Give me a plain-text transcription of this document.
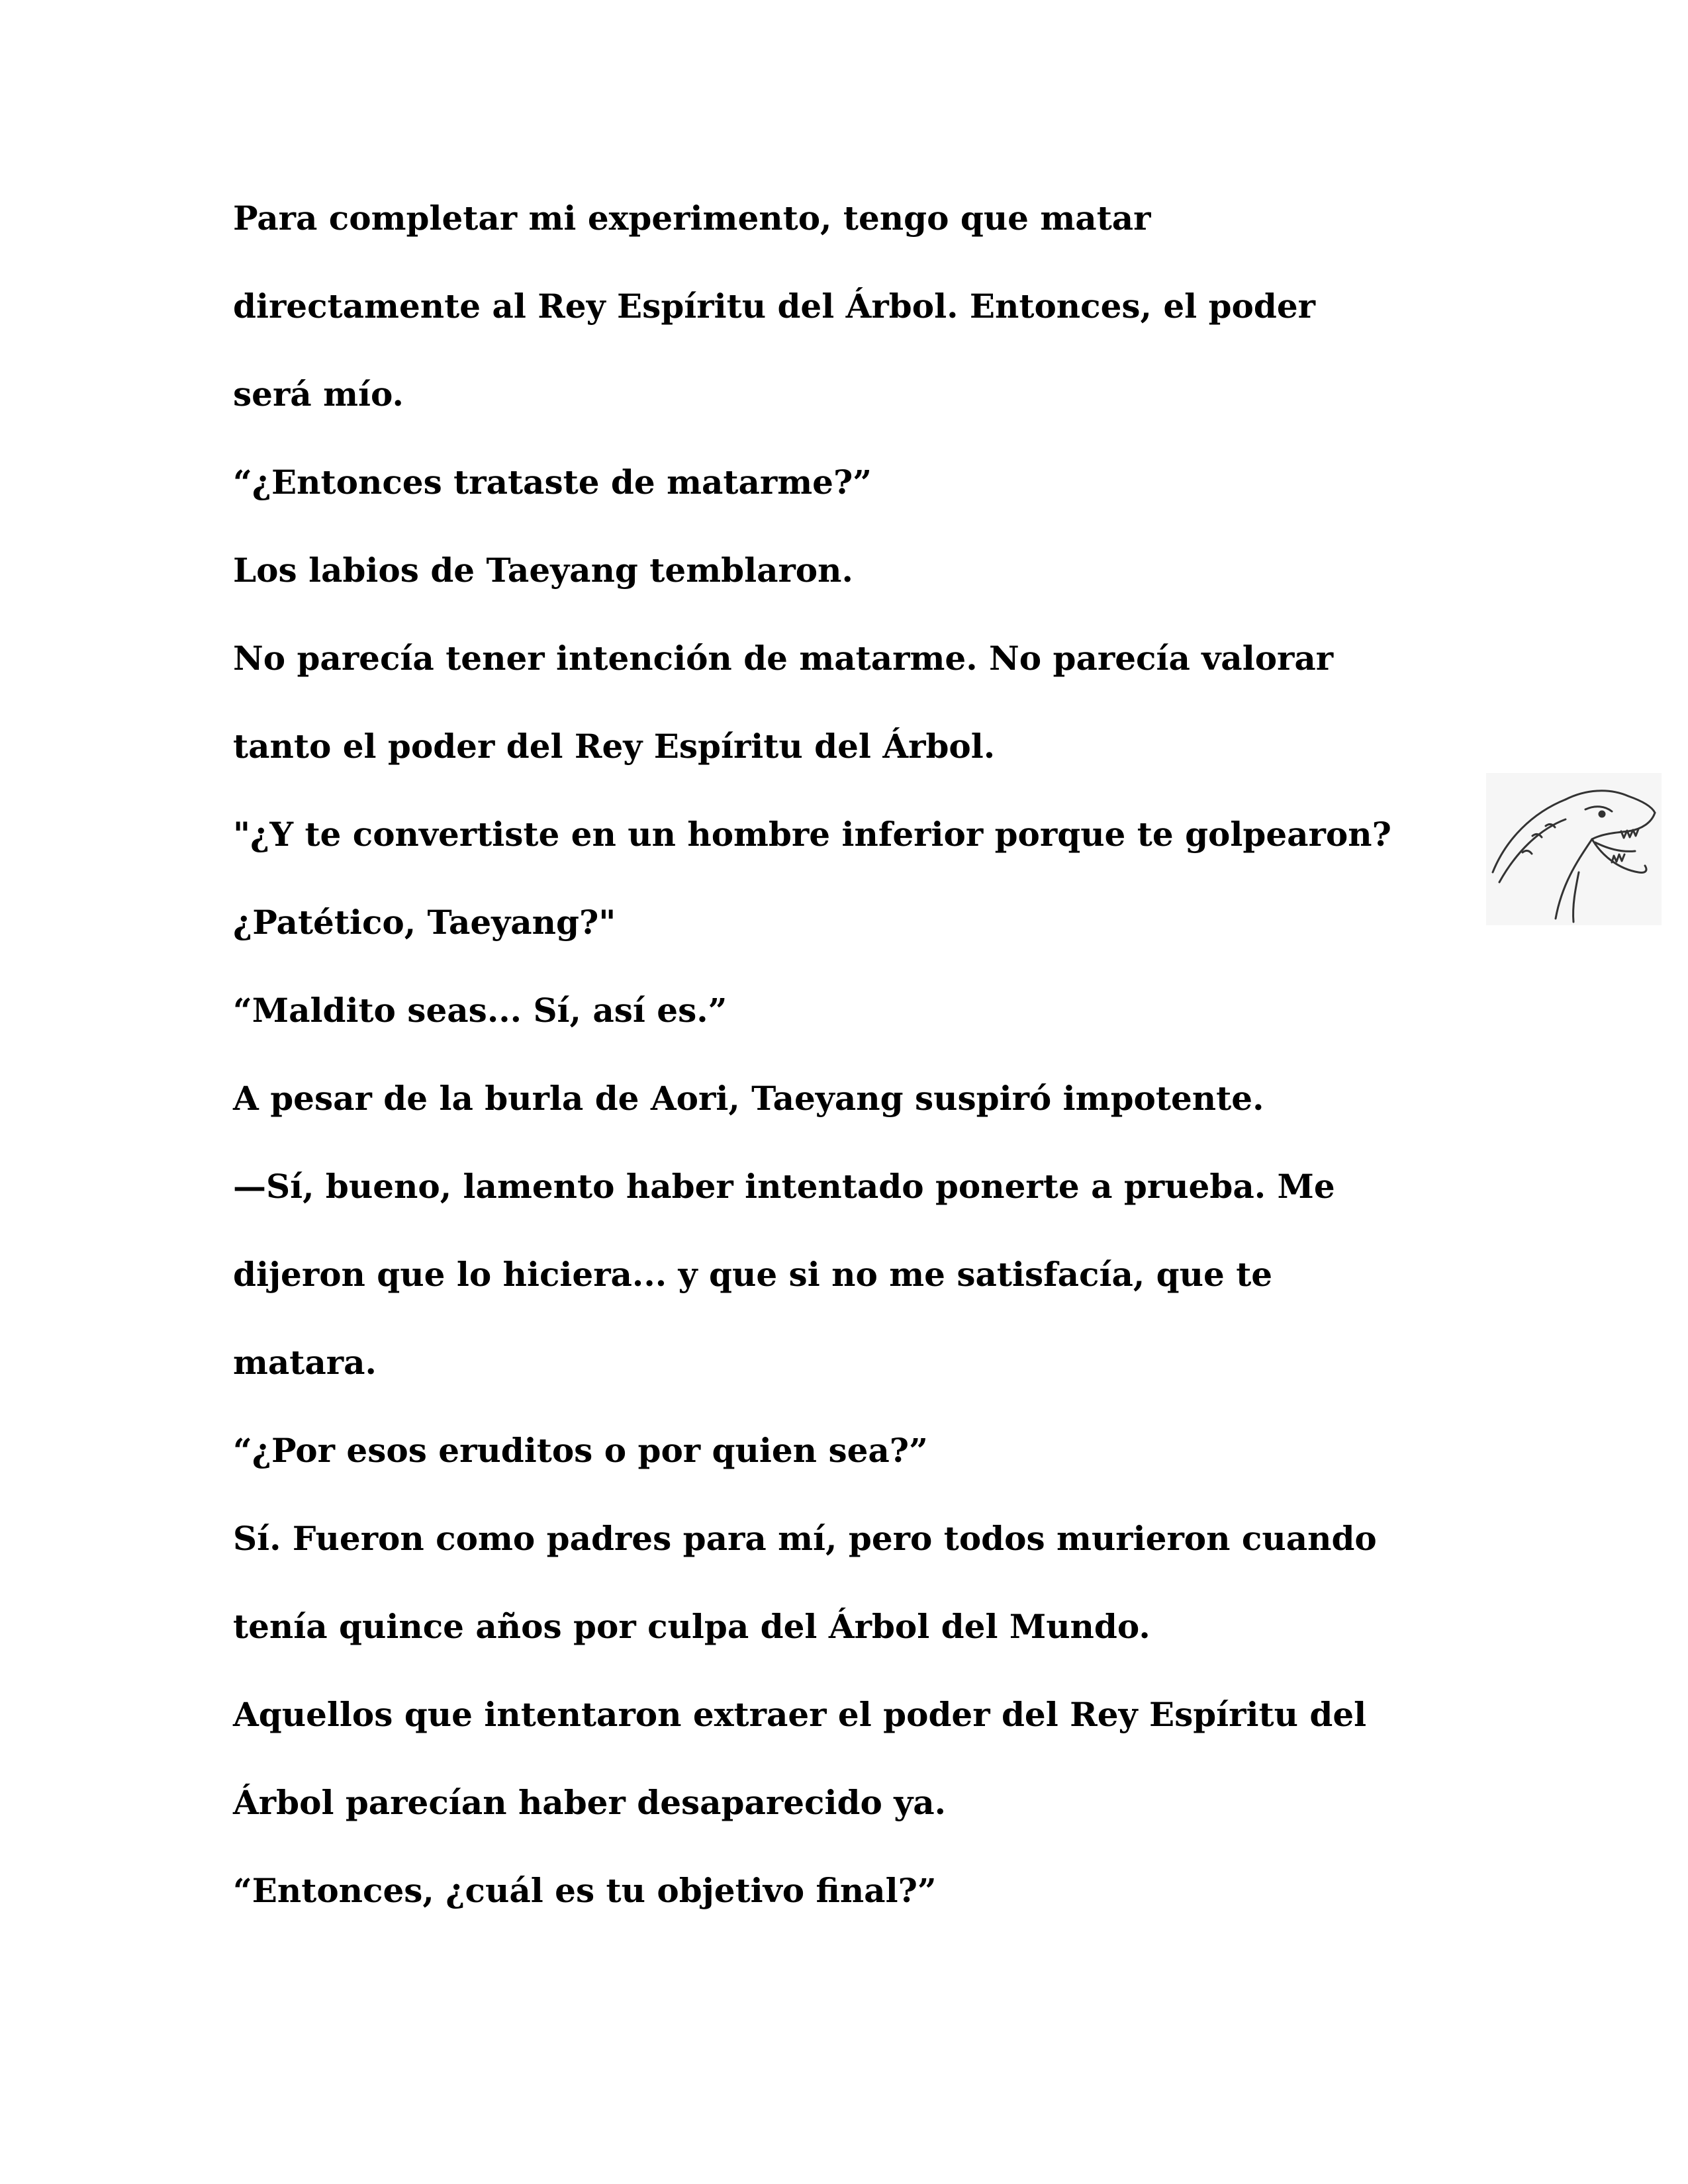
Para completar mi experimento, tengo que matar
directamente al Rey Espíritu del Árbol. Entonces, el poder
será mío.
“¿Entonces trataste de matarme?”
Los labios de Taeyang temblaron.
No parecía tener intención de matarme. No parecía valorar
tanto el poder del Rey Espíritu del Árbol.
"¿Y te convertiste en un hombre inferior porque te golpearon?
¿Patético, Taeyang?"
“Maldito seas... Sí, así es.”
A pesar de la burla de Aori, Taeyang suspiró impotente.
—Sí, bueno, lamento haber intentado ponerte a prueba. Me
dijeron que lo hiciera... y que si no me satisfacía, que te
matara.
“¿Por esos eruditos o por quien sea?”
Sí. Fueron como padres para mí, pero todos murieron cuando
tenía quince años por culpa del Árbol del Mundo.
Aquellos que intentaron extraer el poder del Rey Espíritu del
Árbol parecían haber desaparecido ya.
“Entonces, ¿cuál es tu objetivo final?”
